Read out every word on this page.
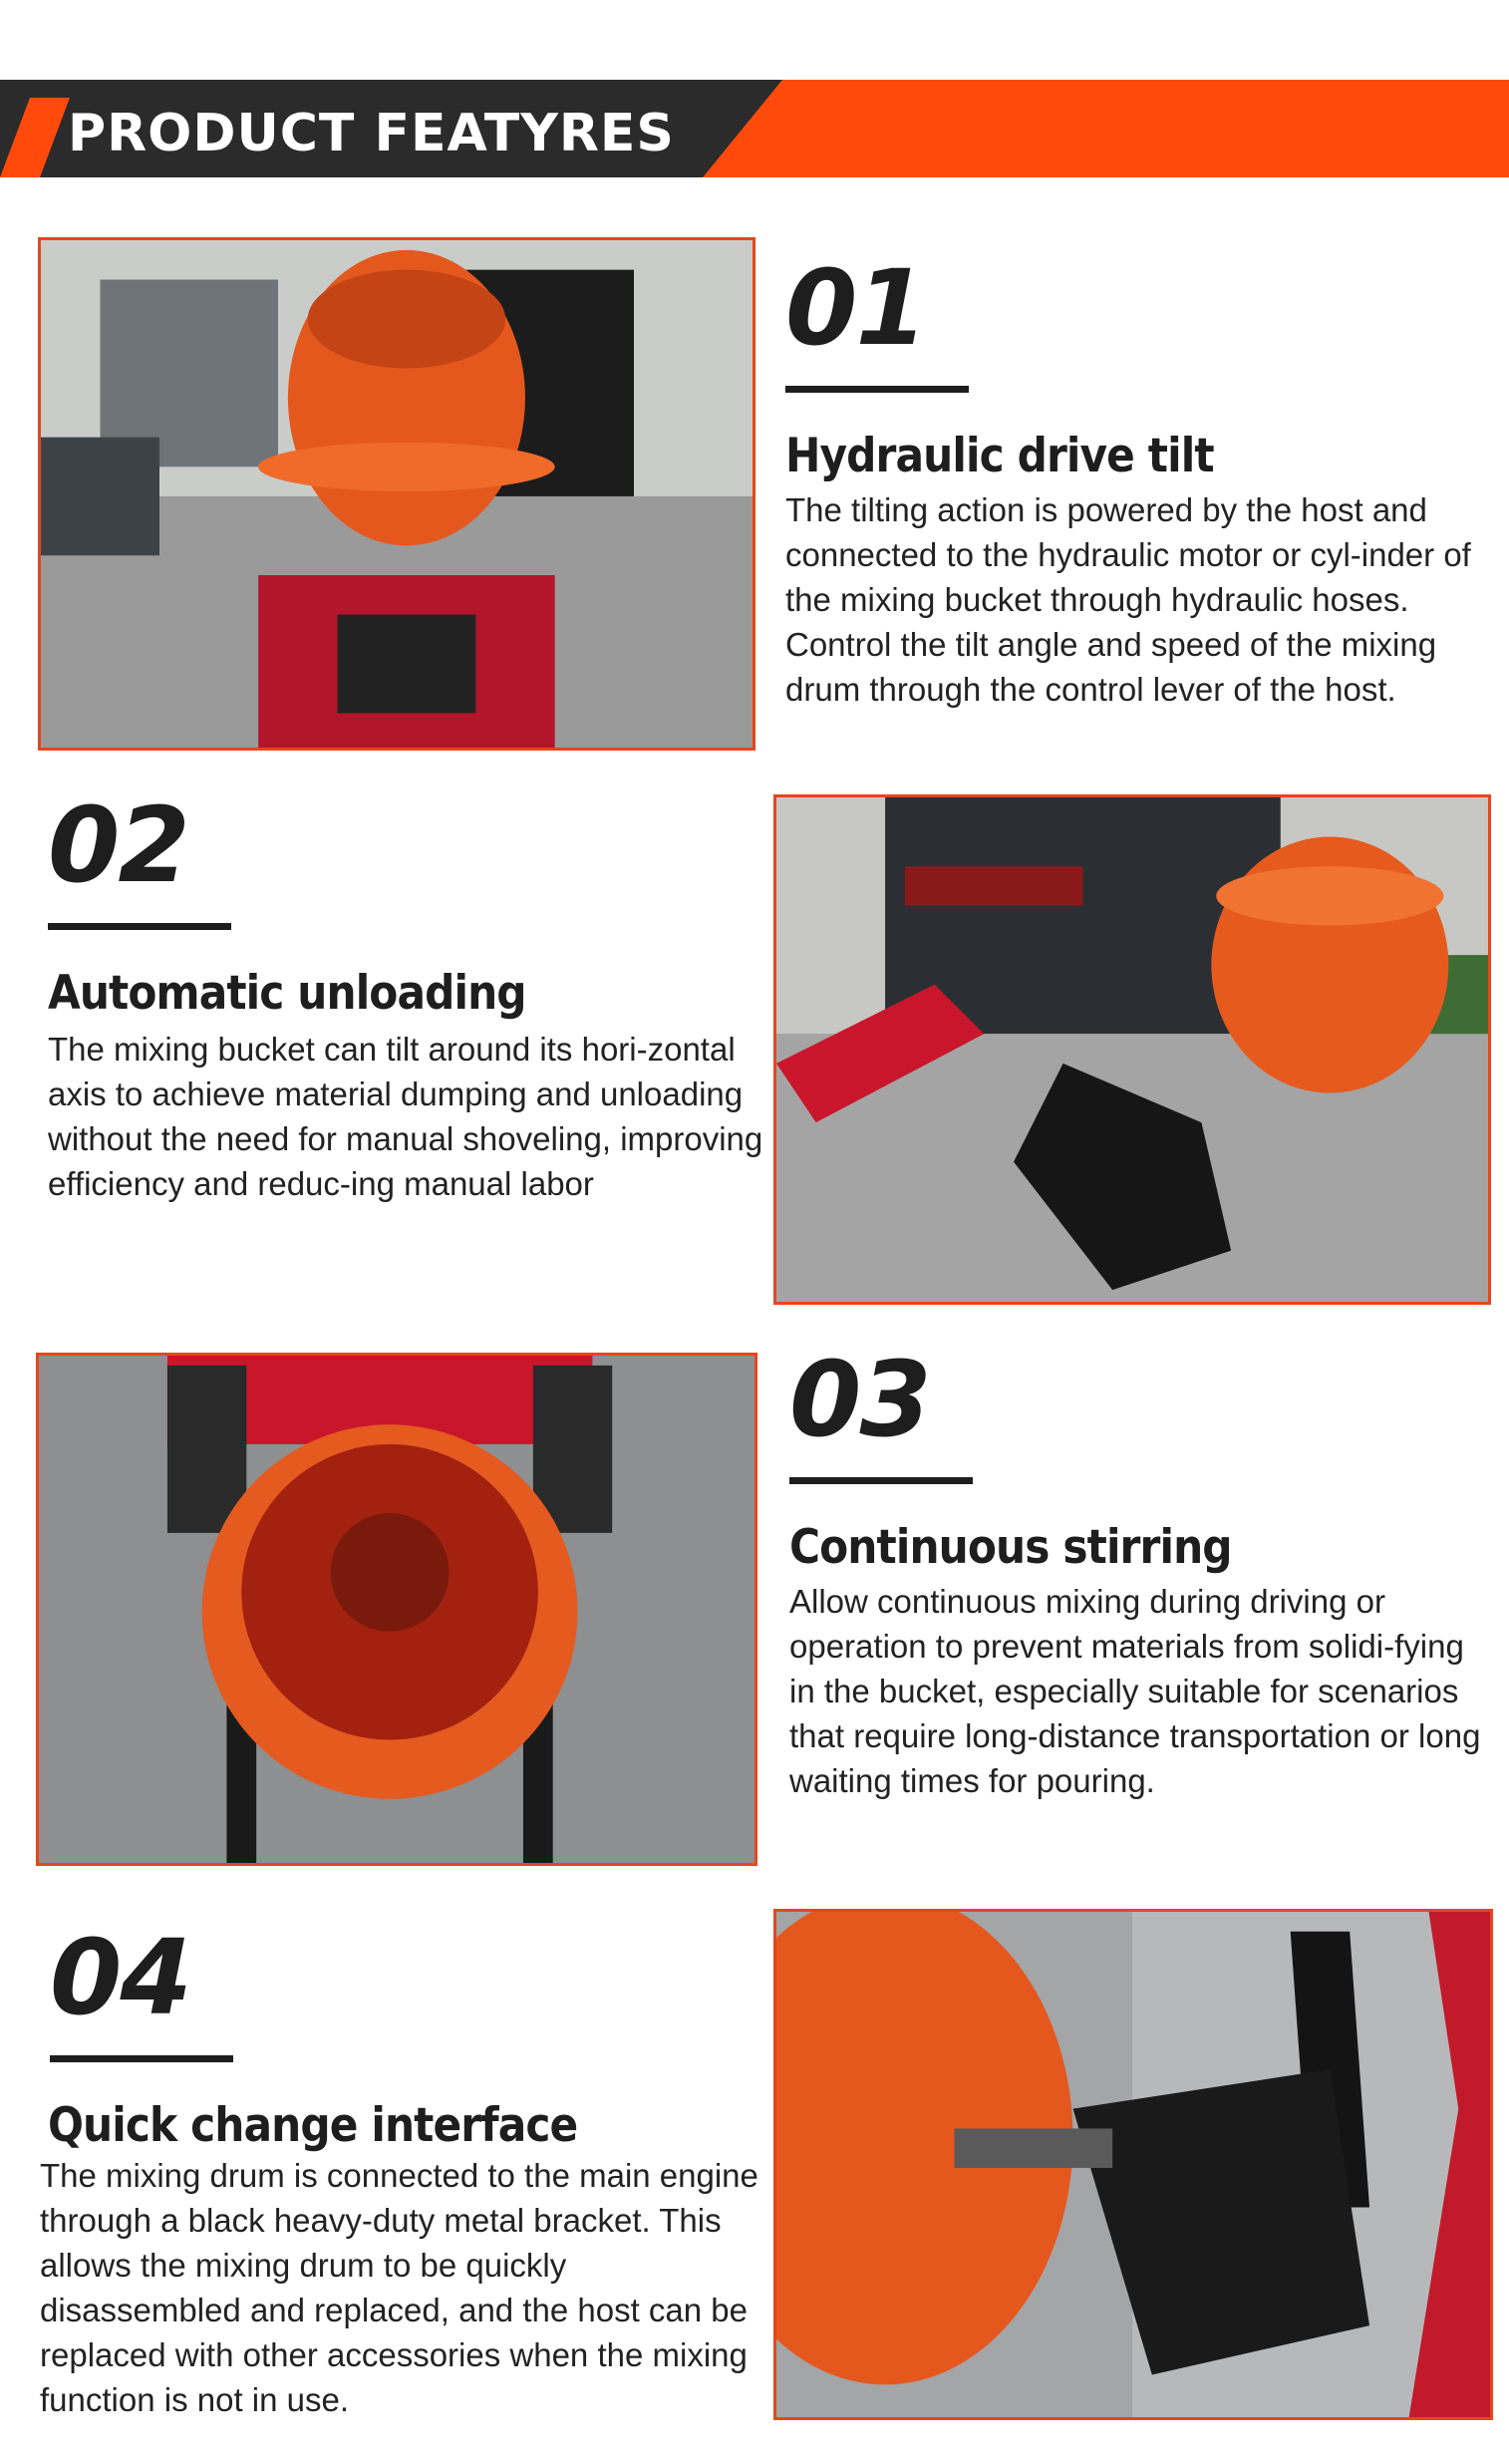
PRODUCT FEATYRES
01
Hydraulic drive tilt
The tilting action is powered by the host and connected to the hydraulic motor or cyl-inder of the mixing bucket through hydraulic hoses. Control the tilt angle and speed of the mixing drum through the control lever of the host.
02
Automatic unloading
The mixing bucket can tilt around its hori-zontal axis to achieve material dumping and unloading without the need for manual shoveling, improving efficiency and reduc-ing manual labor
03
Continuous stirring
Allow continuous mixing during driving or operation to prevent materials from solidi-fying in the bucket, especially suitable for scenarios that require long-distance transportation or long waiting times for pouring.
04
Quick change interface
The mixing drum is connected to the main engine through a black heavy-duty metal bracket. This allows the mixing drum to be quickly disassembled and replaced, and the host can be replaced with other accessories when the mixing function is not in use.
